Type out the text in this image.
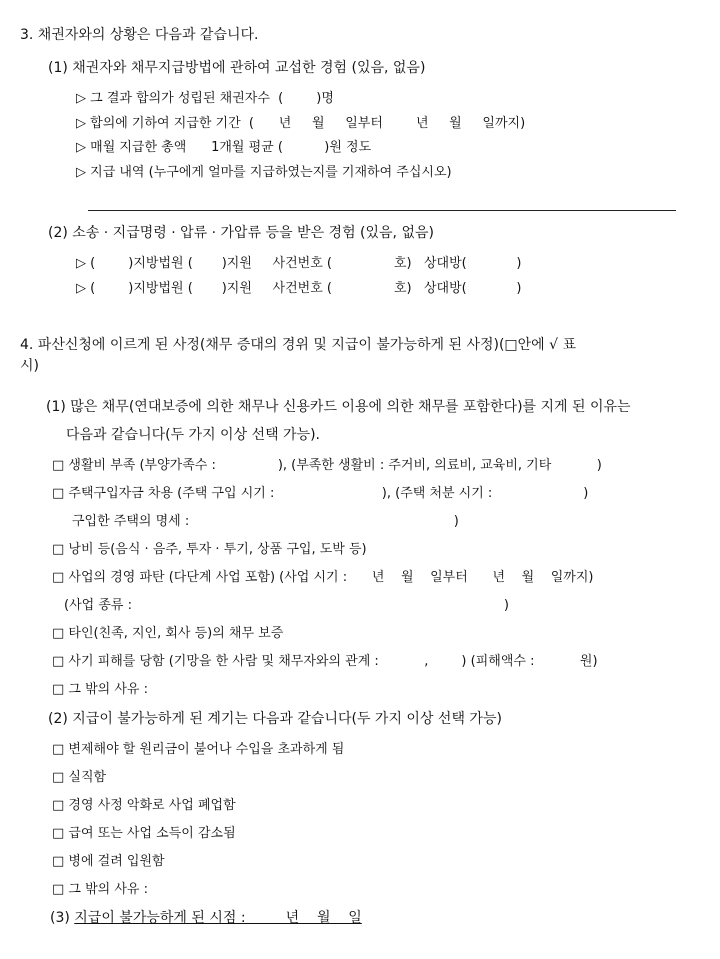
3. 채권자와의 상황은 다음과 같습니다.
(1) 채권자와 채무지급방법에 관하여 교섭한 경험 (있음, 없음)
▷ 그 결과 합의가 성립된 채권자수  (        )명
▷ 합의에 기하여 지급한 기간  (      년     월     일부터        년     월     일까지)
▷ 매월 지급한 총액      1개월 평균 (          )원 정도
▷ 지급 내역 (누구에게 얼마를 지급하였는지를 기재하여 주십시오)
(2) 소송 · 지급명령 · 압류 · 가압류 등을 받은 경험 (있음, 없음)
▷ (        )지방법원 (       )지원     사건번호 (               호)   상대방(            )
▷ (        )지방법원 (       )지원     사건번호 (               호)   상대방(            )
4. 파산신청에 이르게 된 사정(채무 증대의 경위 및 지급이 불가능하게 된 사정)(□안에 √ 표
시)
(1) 많은 채무(연대보증에 의한 채무나 신용카드 이용에 의한 채무를 포함한다)를 지게 된 이유는
다음과 같습니다(두 가지 이상 선택 가능).
□ 생활비 부족 (부양가족수 :               ), (부족한 생활비 : 주거비, 의료비, 교육비, 기타           )
□ 주택구입자금 차용 (주택 구입 시기 :                          ), (주택 처분 시기 :                      )
구입한 주택의 명세 :                                                                )
□ 낭비 등(음식 · 음주, 투자 · 투기, 상품 구입, 도박 등)
□ 사업의 경영 파탄 (다단계 사업 포함) (사업 시기 :      년    월    일부터      년    월    일까지)
(사업 종류 :                                                                                          )
□ 타인(친족, 지인, 회사 등)의 채무 보증
□ 사기 피해를 당함 (기망을 한 사람 및 채무자와의 관계 :           ,        ) (피해액수 :           원)
□ 그 밖의 사유 :
(2) 지급이 불가능하게 된 계기는 다음과 같습니다(두 가지 이상 선택 가능)
□ 변제해야 할 원리금이 불어나 수입을 초과하게 됨
□ 실직함
□ 경영 사정 악화로 사업 폐업함
□ 급여 또는 사업 소득이 감소됨
□ 병에 걸려 입원함
□ 그 밖의 사유 :
(3) 지급이 불가능하게 된 시점 :         년    월    일
